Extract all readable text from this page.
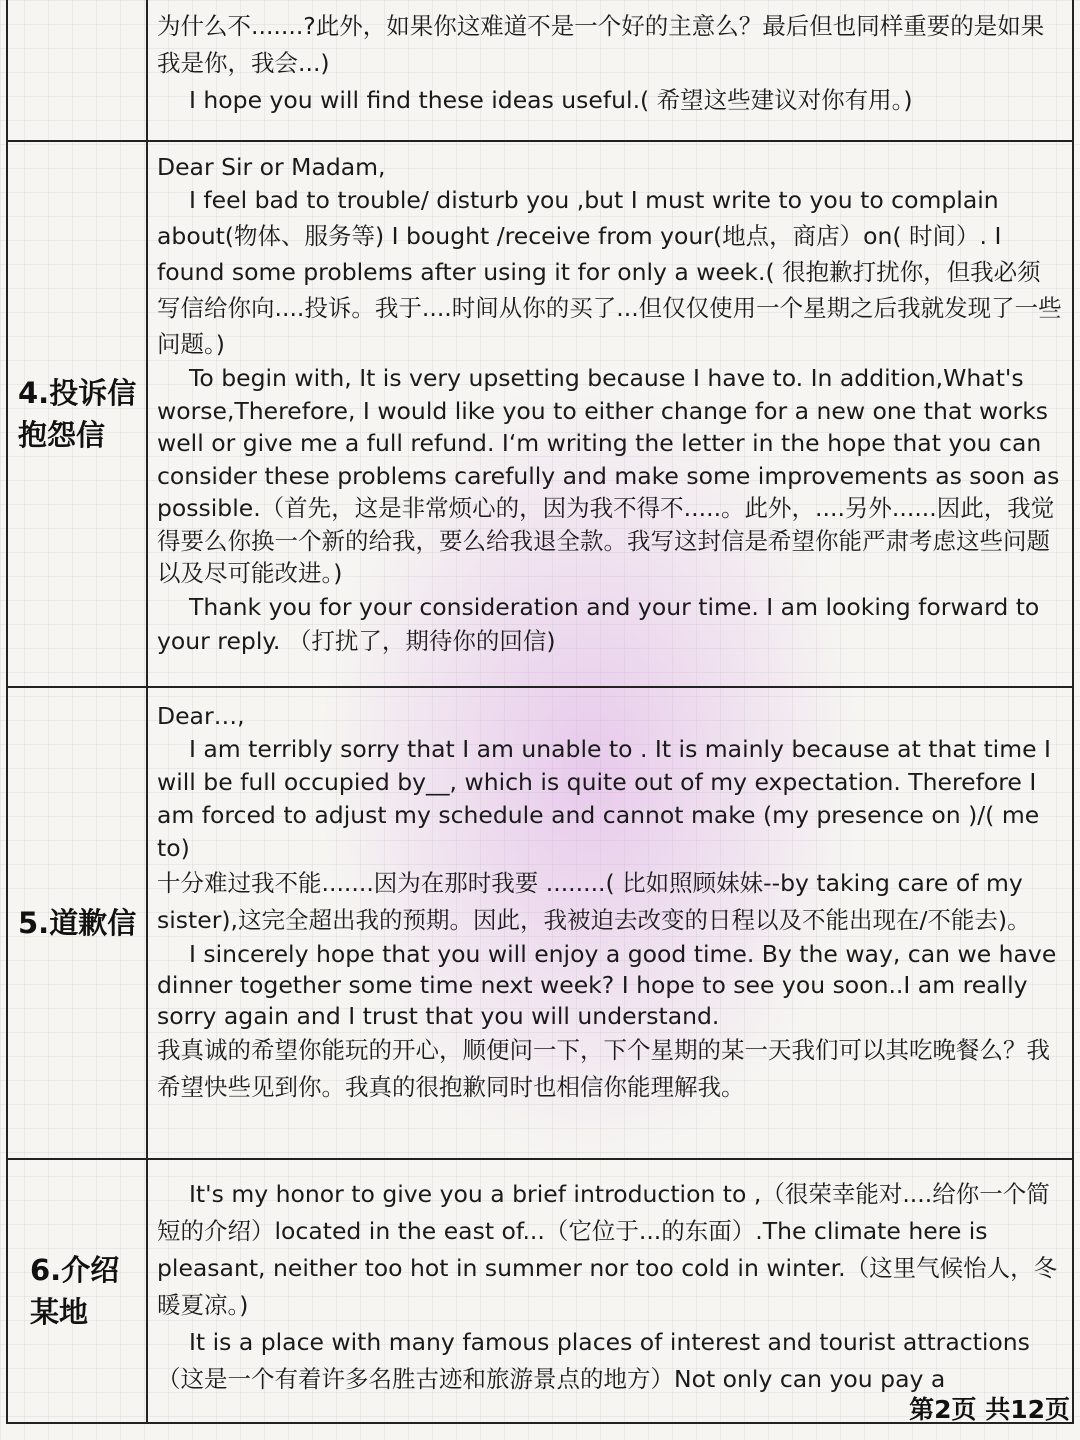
为什么不.......?此外，如果你这难道不是一个好的主意么？最后但也同样重要的是如果我是你，我会...)

I hope you will find these ideas useful.( 希望这些建议对你有用。)

4.投诉信
抱怨信

Dear Sir or Madam,

I feel bad to trouble/ disturb you ,but I must write to you to complain about(物体、服务等) I bought /receive from your(地点，商店）on( 时间）. I found some problems after using it for only a week.( 很抱歉打扰你，但我必须写信给你向....投诉。我于....时间从你的买了...但仅仅使用一个星期之后我就发现了一些问题。)

To begin with, It is very upsetting because I have to. In addition,What's worse,Therefore, I would like you to either change for a new one that works well or give me a full refund. I‘m writing the letter in the hope that you can consider these problems carefully and make some improvements as soon as possible.（首先，这是非常烦心的，因为我不得不.....。此外，....另外......因此，我觉得要么你换一个新的给我，要么给我退全款。我写这封信是希望你能严肃考虑这些问题以及尽可能改进。)

Thank you for your consideration and your time. I am looking forward to your reply. （打扰了，期待你的回信)

5.道歉信

Dear…,

I am terribly sorry that I am unable to . It is mainly because at that time I will be full occupied by__, which is quite out of my expectation. Therefore I am forced to adjust my schedule and cannot make (my presence on )/( me to)

十分难过我不能.......因为在那时我要 ........( 比如照顾妹妹--by taking care of my sister),这完全超出我的预期。因此，我被迫去改变的日程以及不能出现在/不能去)。

I sincerely hope that you will enjoy a good time. By the way, can we have dinner together some time next week? I hope to see you soon..I am really sorry again and I trust that you will understand.

我真诚的希望你能玩的开心，顺便问一下，下个星期的某一天我们可以其吃晚餐么？我希望快些见到你。我真的很抱歉同时也相信你能理解我。

6.介绍
某地

It's my honor to give you a brief introduction to ,（很荣幸能对....给你一个简短的介绍）located in the east of...（它位于...的东面）.The climate here is pleasant, neither too hot in summer nor too cold in winter.（这里气候怡人，冬暖夏凉。)

It is a place with many famous places of interest and tourist attractions（这是一个有着许多名胜古迹和旅游景点的地方）Not only can you pay a

第2页 共12页
